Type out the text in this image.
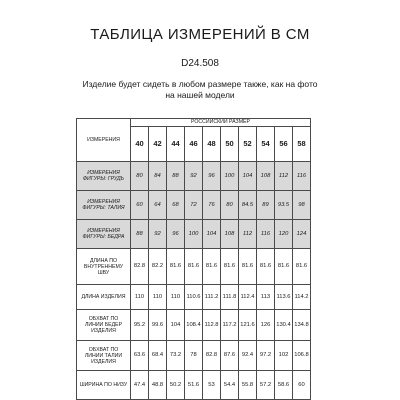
ТАБЛИЦА ИЗМЕРЕНИЙ В СМ
D24.508
Изделие будет сидеть в любом размере также, как на фото на нашей модели
ИЗМЕРЕНИЯ	РОССИЙСКИЙ РАЗМЕР									
	40	42	44	46	48	50	52	54	56	58
ИЗМЕРЕНИЯ ФИГУРЫ: ГРУДЬ	80	84	88	92	96	100	104	108	112	116
ИЗМЕРЕНИЯ ФИГУРЫ: ТАЛИЯ	60	64	68	72	76	80	84.5	89	93.5	98
ИЗМЕРЕНИЯ ФИГУРЫ: БЕДРА	88	92	96	100	104	108	112	116	120	124
ДЛИНА ПО ВНУТРЕННЕМУ ШВУ	82.8	82.2	81.6	81.6	81.6	81.6	81.6	81.6	81.6	81.6
ДЛИНА ИЗДЕЛИЯ	110	110	110	110.6	111.2	111.8	112.4	113	113.6	114.2
ОБХВАТ ПО ЛИНИИ БЕДЕР ИЗДЕЛИЯ	95.2	99.6	104	108.4	112.8	117.2	121.6	126	130.4	134.8
ОБХВАТ ПО ЛИНИИ ТАЛИИ ИЗДЕЛИЯ	63.6	68.4	73.2	78	82.8	87.6	92.4	97.2	102	106.8
ШИРИНА ПО НИЗУ	47.4	48.8	50.2	51.6	53	54.4	55.8	57.2	58.6	60
